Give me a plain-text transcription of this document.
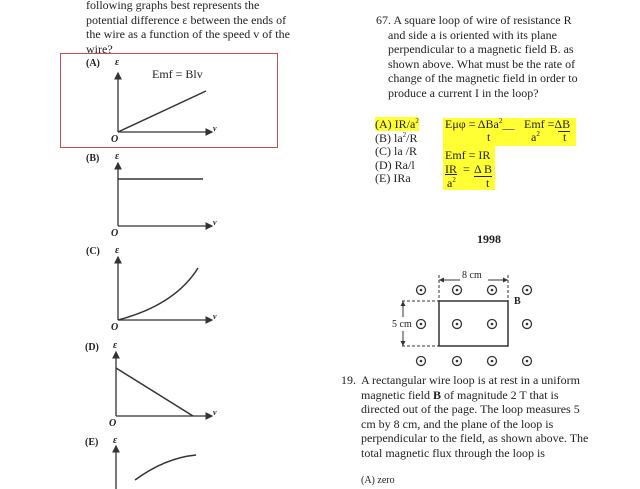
following graphs best represents the
potential difference ε between the ends of
the wire as a function of the speed v of the
wire?
(A) ε
Emf = Blv
O
v
(B) ε
O
v
(C) ε
O
v
(D) ε
O
v
(E) ε
67. A square loop of wire of resistance R
and side a is oriented with its plane
perpendicular to a magnetic field B. as
shown above. What must be the rate of
change of the magnetic field in order to
produce a current I in the loop?
(A) $IR/a^2$
(B) $la^2/R$
(C) la /R
(D) Ra/l
(E) IRa
Eμφ = ΔBa$^2$__
t
Emf =ΔB
$a^2$ t
Emf = IR
IR = Δ B
$a^2$	t
1998
8 cm
5 cm
B
19. A rectangular wire loop is at rest in a uniform
magnetic field B of magnitude 2 T that is
directed out of the page. The loop measures 5
cm by 8 cm, and the plane of the loop is
perpendicular to the field, as shown above. The
total magnetic flux through the loop is
(A) zero
